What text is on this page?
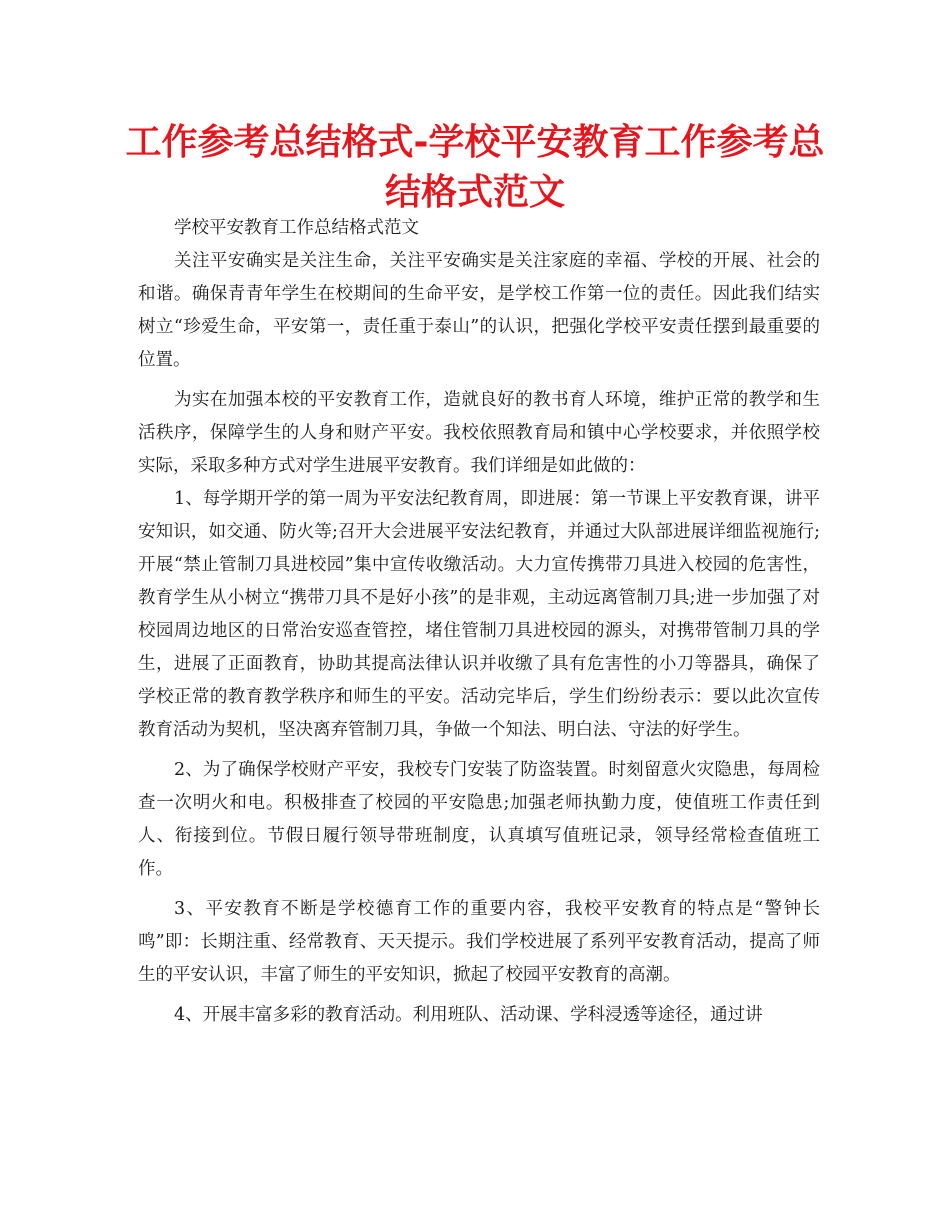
工作参考总结格式-学校平安教育工作参考总结格式范文

学校平安教育工作总结格式范文

关注平安确实是关注生命，关注平安确实是关注家庭的幸福、学校的开展、社会的和谐。确保青青年学生在校期间的生命平安，是学校工作第一位的责任。因此我们结实树立“珍爱生命，平安第一，责任重于泰山”的认识，把强化学校平安责任摆到最重要的位置。

为实在加强本校的平安教育工作，造就良好的教书育人环境，维护正常的教学和生活秩序，保障学生的人身和财产平安。我校依照教育局和镇中心学校要求，并依照学校实际，采取多种方式对学生进展平安教育。我们详细是如此做的：

1、每学期开学的第一周为平安法纪教育周，即进展：第一节课上平安教育课，讲平安知识，如交通、防火等;召开大会进展平安法纪教育，并通过大队部进展详细监视施行;开展“禁止管制刀具进校园”集中宣传收缴活动。大力宣传携带刀具进入校园的危害性，教育学生从小树立“携带刀具不是好小孩”的是非观，主动远离管制刀具;进一步加强了对校园周边地区的日常治安巡查管控，堵住管制刀具进校园的源头，对携带管制刀具的学生，进展了正面教育，协助其提高法律认识并收缴了具有危害性的小刀等器具，确保了学校正常的教育教学秩序和师生的平安。活动完毕后，学生们纷纷表示：要以此次宣传教育活动为契机，坚决离弃管制刀具，争做一个知法、明白法、守法的好学生。

2、为了确保学校财产平安，我校专门安装了防盗装置。时刻留意火灾隐患，每周检查一次明火和电。积极排查了校园的平安隐患;加强老师执勤力度，使值班工作责任到人、衔接到位。节假日履行领导带班制度，认真填写值班记录，领导经常检查值班工作。

3、平安教育不断是学校德育工作的重要内容，我校平安教育的特点是“警钟长鸣”即：长期注重、经常教育、天天提示。我们学校进展了系列平安教育活动，提高了师生的平安认识，丰富了师生的平安知识，掀起了校园平安教育的高潮。

4、开展丰富多彩的教育活动。利用班队、活动课、学科浸透等途径，通过讲
